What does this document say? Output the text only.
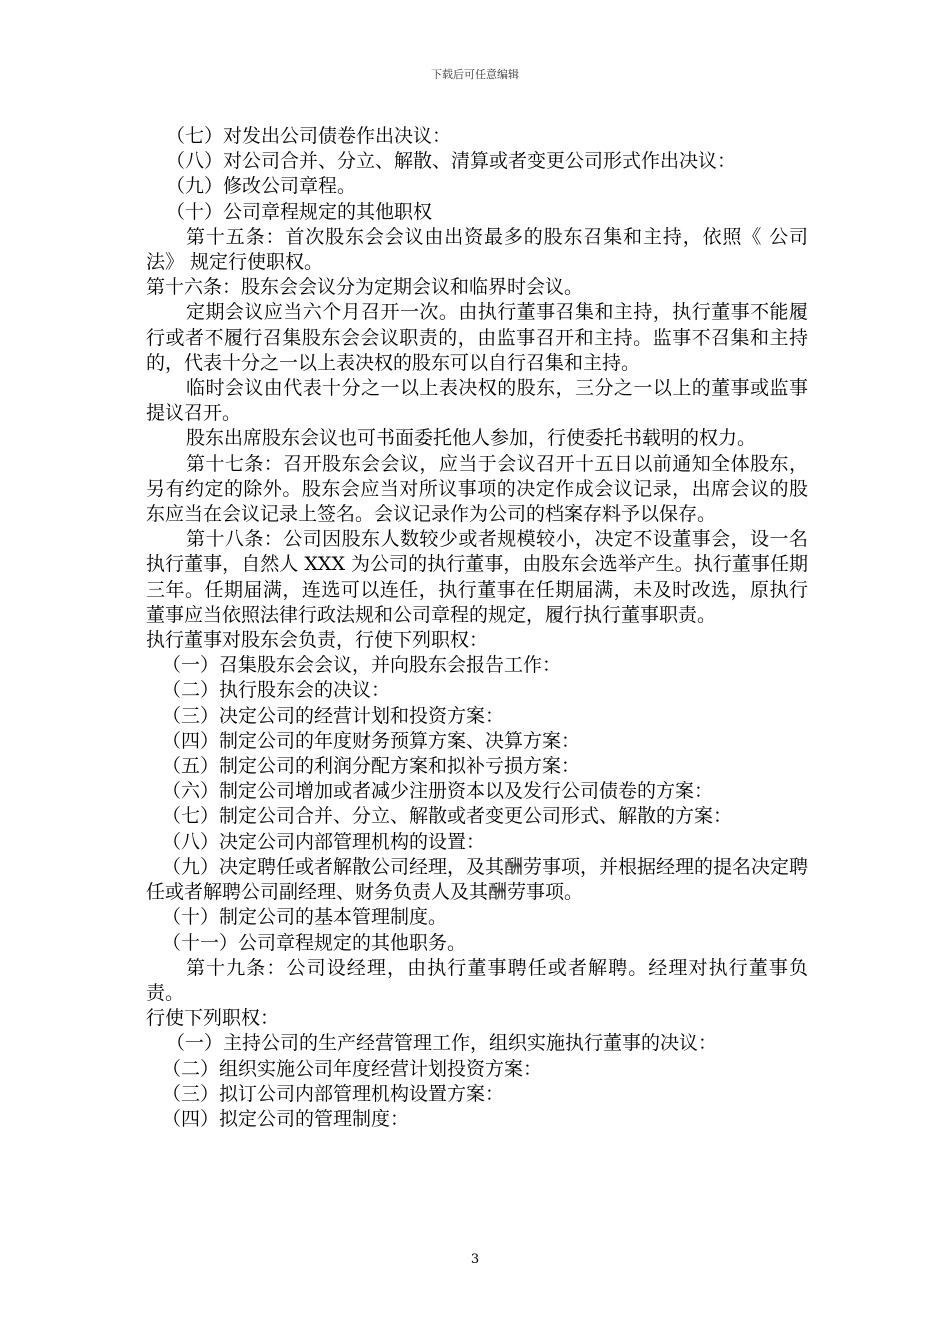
下载后可任意编辑

（七）对发出公司债卷作出决议：

（八）对公司合并、分立、解散、清算或者变更公司形式作出决议：

（九）修改公司章程。

（十）公司章程规定的其他职权

第十五条：首次股东会会议由出资最多的股东召集和主持，依照《 公司法》 规定行使职权。

第十六条：股东会会议分为定期会议和临界时会议。

定期会议应当六个月召开一次。由执行董事召集和主持，执行董事不能履行或者不履行召集股东会会议职责的，由监事召开和主持。监事不召集和主持的，代表十分之一以上表决权的股东可以自行召集和主持。

临时会议由代表十分之一以上表决权的股东，三分之一以上的董事或监事提议召开。

股东出席股东会议也可书面委托他人参加，行使委托书载明的权力。

第十七条：召开股东会会议，应当于会议召开十五日以前通知全体股东，另有约定的除外。股东会应当对所议事项的决定作成会议记录，出席会议的股东应当在会议记录上签名。会议记录作为公司的档案存料予以保存。

第十八条：公司因股东人数较少或者规模较小，决定不设董事会，设一名执行董事，自然人 XXX 为公司的执行董事，由股东会选举产生。执行董事任期三年。任期届满，连选可以连任，执行董事在任期届满，未及时改选，原执行董事应当依照法律行政法规和公司章程的规定，履行执行董事职责。

执行董事对股东会负责，行使下列职权：

（一）召集股东会会议，并向股东会报告工作：

（二）执行股东会的决议：

（三）决定公司的经营计划和投资方案：

（四）制定公司的年度财务预算方案、决算方案：

（五）制定公司的利润分配方案和拟补亏损方案：

（六）制定公司增加或者减少注册资本以及发行公司债卷的方案：

（七）制定公司合并、分立、解散或者变更公司形式、解散的方案：

（八）决定公司内部管理机构的设置：

（九）决定聘任或者解散公司经理，及其酬劳事项，并根据经理的提名决定聘任或者解聘公司副经理、财务负责人及其酬劳事项。

（十）制定公司的基本管理制度。

（十一）公司章程规定的其他职务。

第十九条：公司设经理，由执行董事聘任或者解聘。经理对执行董事负责。

行使下列职权：

（一）主持公司的生产经营管理工作，组织实施执行董事的决议：

（二）组织实施公司年度经营计划投资方案：

（三）拟订公司内部管理机构设置方案：

（四）拟定公司的管理制度：

3
